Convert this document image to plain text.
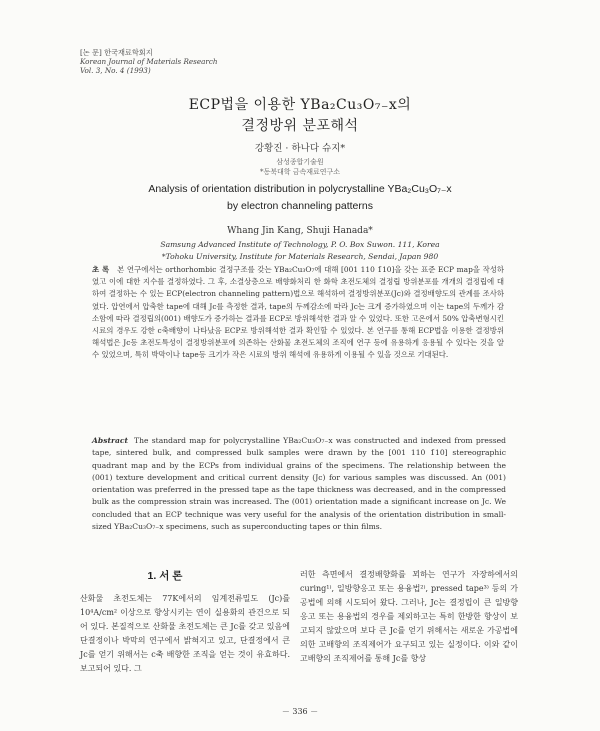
[논 문] 한국재료학회지
Korean Journal of Materials Research
Vol. 3, No. 4 (1993)
ECP법을 이용한 YBa₂Cu₃O₇₋x의
결정방위 분포해석
강황진 · 하나다 슈지*
삼성종합기술원
*동북대학 금속재료연구소
Analysis of orientation distribution in polycrystalline YBa₂Cu₃O₇₋x
by electron channeling patterns
Whang Jin Kang, Shuji Hanada*
Samsung Advanced Institute of Technology, P. O. Box Suwon. 111, Korea
*Tohoku University, Institute for Materials Research, Sendai, Japan 980
초 록 본 연구에서는 orthorhombic 결정구조를 갖는 YBa₂Cu₃O₇에 대해 [001 110 1̄10]을 갖는 표준 ECP map을 작성하였고 이에 대한 지수를 결정하였다. 그 후, 소결상층으로 배향화처리 한 화학 초전도체의 결정립 방위분포를 개개의 결정립에 대하여 결정하는 수 있는 ECP(electron channeling pattern)법으로 해석하여 결정방위분포(Jc)와 결정배향도의 관계를 조사하였다. 압연에서 압축한 tape에 대해 Jc를 측정한 결과, tape의 두께감소에 따라 Jc는 크게 증가하였으며 이는 tape의 두께가 감소함에 따라 결정립의(001) 배향도가 증가하는 결과를 ECP로 방위해석한 결과 알 수 있었다. 또한 고온에서 50% 압축변형시킨 시료의 경우도 강한 c축배향이 나타났음 ECP로 방위해석한 결과 확인할 수 있었다. 본 연구를 통해 ECP법을 이용한 결정방위 해석법은 Jc등 초전도특성이 결정방위분포에 의존하는 산화물 초전도체의 조직에 연구 등에 유용하게 응용될 수 있다는 것을 알 수 있었으며, 특히 박막이나 tape등 크기가 작은 시료의 방위 해석에 유용하게 이용될 수 있을 것으로 기대된다.
Abstract The standard map for polycrystalline YBa₂Cu₃O₇₋x was constructed and indexed from pressed tape, sintered bulk, and compressed bulk samples were drawn by the [001 110 1̄10] stereographic quadrant map and by the ECPs from individual grains of the specimens. The relationship between the (001) texture development and critical current density (Jc) for various samples was discussed. An (001) orientation was preferred in the pressed tape as the tape thickness was decreased, and in the compressed bulk as the compression strain was increased. The (001) orientation made a significant increase on Jc. We concluded that an ECP technique was very useful for the analysis of the orientation distribution in small-sized YBa₂Cu₃O₇₋x specimens, such as superconducting tapes or thin films.
1. 서 론
산화물 초전도체는 77K에서의 임계전류밀도 (Jc)를 10⁴A/cm² 이상으로 향상시키는 연이 실용화의 관건으로 되어 있다. 본질적으로 산화물 초전도체는 큰 Jc를 갖고 있음에 단결정이나 박막의 연구에서 밝혀지고 있고, 단결정에서 큰 Jc를 얻기 위해서는 c축 배향한 조직을 얻는 것이 유효하다. 보고되어 있다. 그
러한 측면에서 결정배향화를 꾀하는 연구가 자장하에서의 curing¹⁾, 일방향응고 또는 용융법²⁾, pressed tape³⁾ 등의 가공법에 의해 시도되어 왔다. 그러나, Jc는 결정립이 큰 일방향응고 또는 용융법의 경우를 제외하고는 특히 한방한 향상이 보고되지 않았으며 보다 큰 Jc를 얻기 위해서는 새로운 가공법에 의한 고배향의 조직제어가 요구되고 있는 실정이다. 이와 같이 고배향의 조직제어를 통해 Jc를 향상
－ 336 －
